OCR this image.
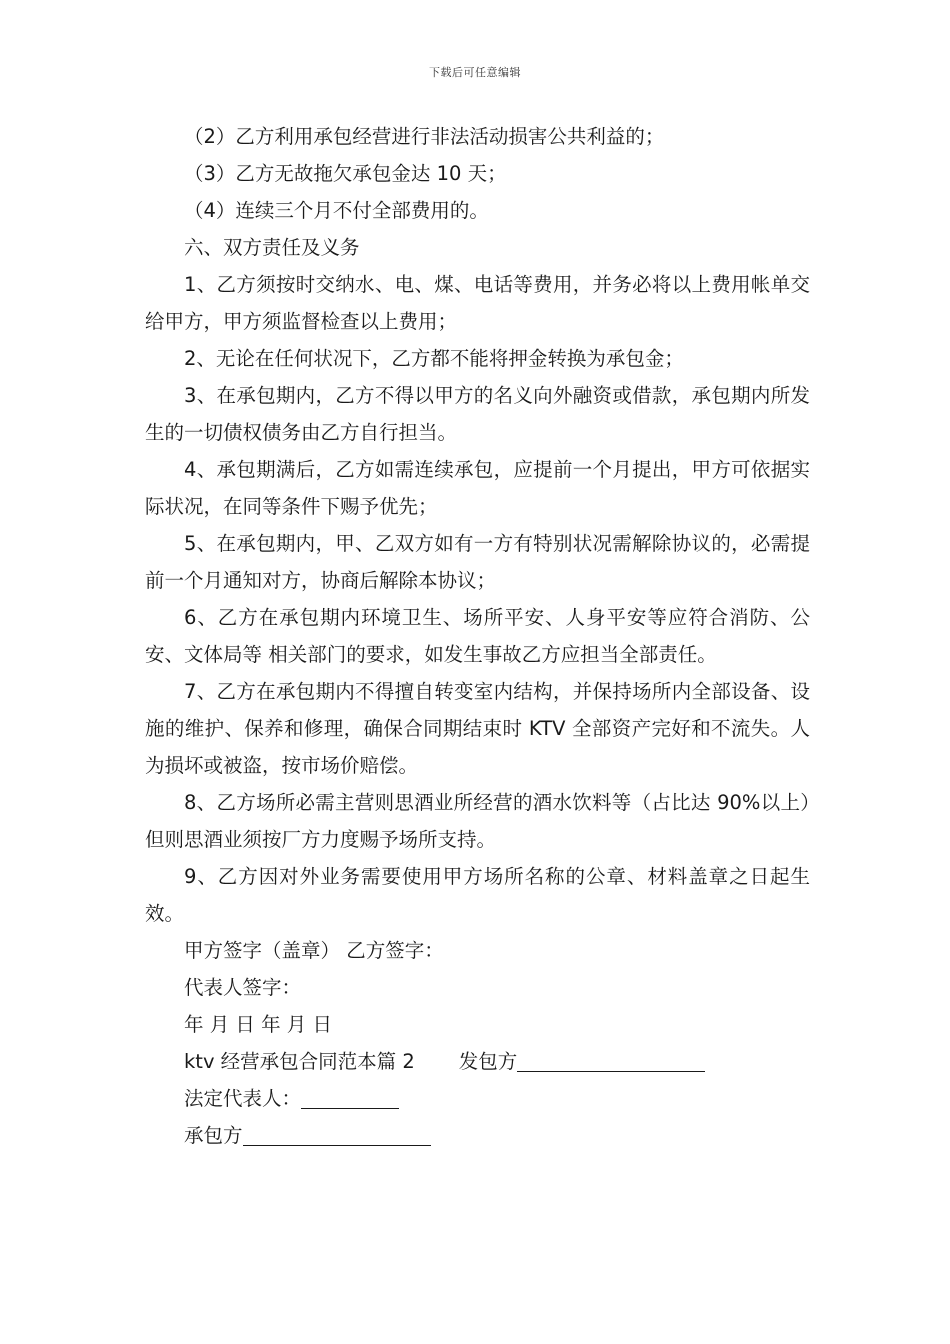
下载后可任意编辑

（2）乙方利用承包经营进行非法活动损害公共利益的；

（3）乙方无故拖欠承包金达 10 天；

（4）连续三个月不付全部费用的。

六、双方责任及义务

1、乙方须按时交纳水、电、煤、电话等费用，并务必将以上费用帐单交给甲方，甲方须监督检查以上费用；

2、无论在任何状况下，乙方都不能将押金转换为承包金；

3、在承包期内，乙方不得以甲方的名义向外融资或借款，承包期内所发生的一切债权债务由乙方自行担当。

4、承包期满后，乙方如需连续承包，应提前一个月提出，甲方可依据实际状况，在同等条件下赐予优先；

5、在承包期内，甲、乙双方如有一方有特别状况需解除协议的，必需提前一个月通知对方，协商后解除本协议；

6、乙方在承包期内环境卫生、场所平安、人身平安等应符合消防、公安、文体局等 相关部门的要求，如发生事故乙方应担当全部责任。

7、乙方在承包期内不得擅自转变室内结构，并保持场所内全部设备、设施的维护、保养和修理，确保合同期结束时 KTV 全部资产完好和不流失。人为损坏或被盗，按市场价赔偿。

8、乙方场所必需主营则思酒业所经营的酒水饮料等（占比达 90%以上）但则思酒业须按厂方力度赐予场所支持。

9、乙方因对外业务需要使用甲方场所名称的公章、材料盖章之日起生效。

甲方签字（盖章） 乙方签字：

代表人签字：

年 月 日 年 月 日

ktv 经营承包合同范本篇 2 发包方

法定代表人：

承包方
